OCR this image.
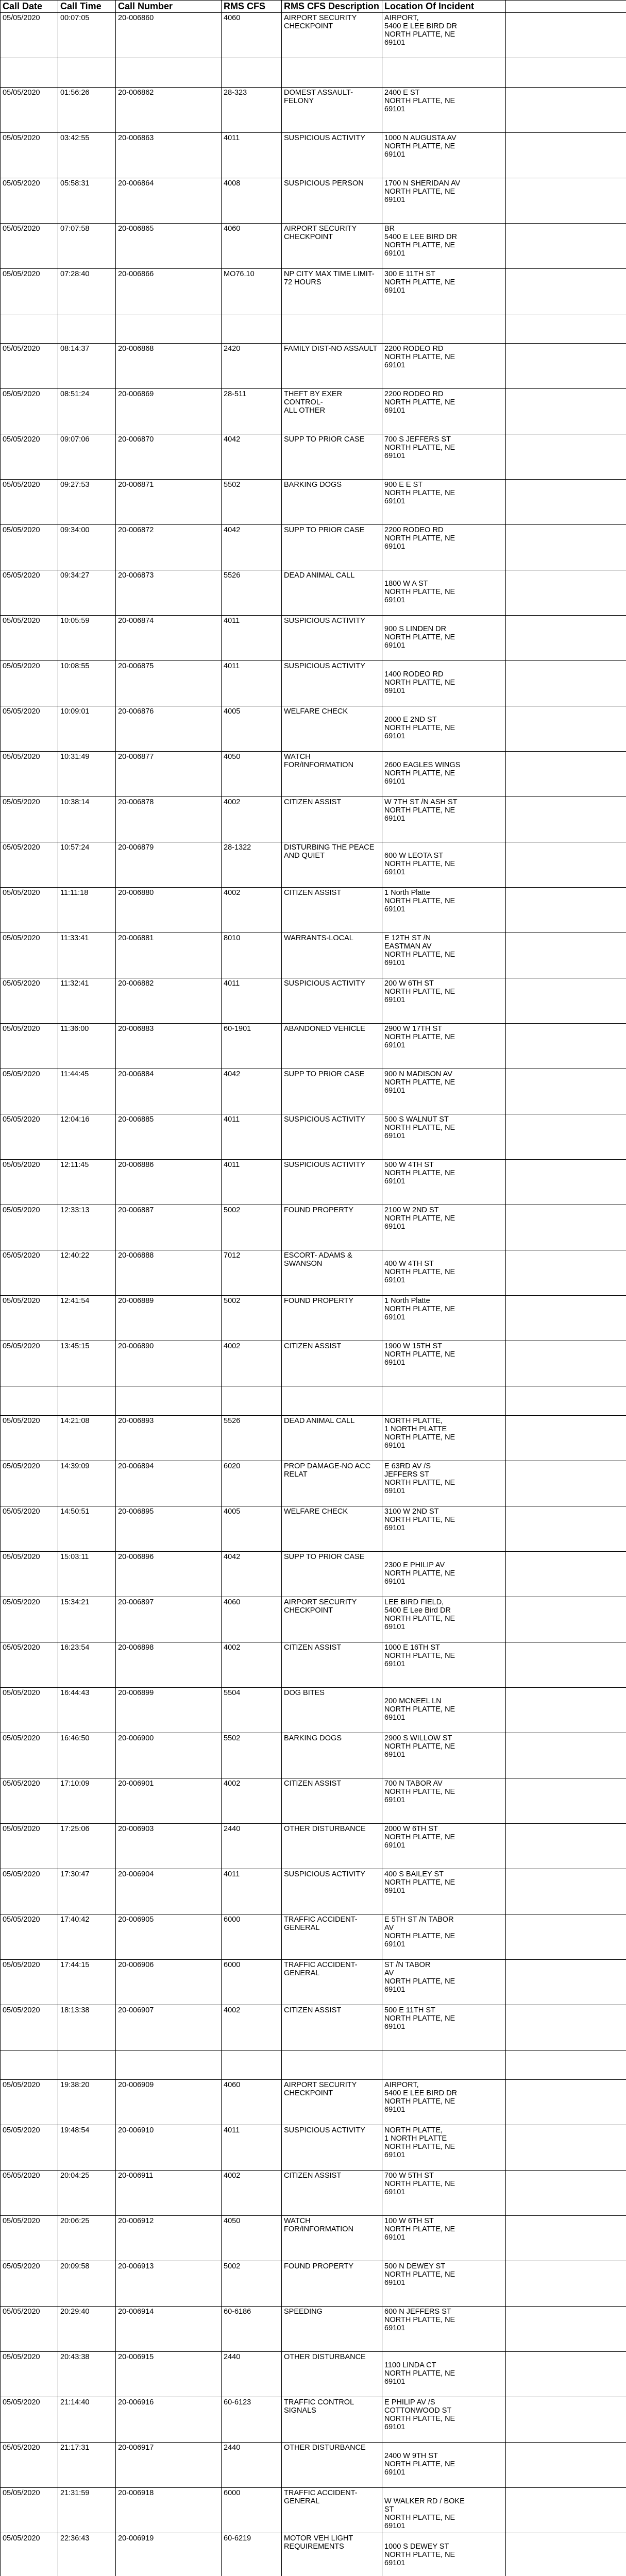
Call Date	Call Time	Call Number	RMS CFS	RMS CFS Description	Location Of Incident	
05/05/2020	00:07:05	20-006860	4060	AIRPORT SECURITY
CHECKPOINT	AIRPORT,
5400 E LEE BIRD DR
NORTH PLATTE, NE
69101	

05/05/2020	01:56:26	20-006862	28-323	DOMEST ASSAULT-FELONY	2400 E ST
NORTH PLATTE, NE
69101	
05/05/2020	03:42:55	20-006863	4011	SUSPICIOUS ACTIVITY	1000 N AUGUSTA AV
NORTH PLATTE, NE
69101	
05/05/2020	05:58:31	20-006864	4008	SUSPICIOUS PERSON	1700 N SHERIDAN AV
NORTH PLATTE, NE
69101	
05/05/2020	07:07:58	20-006865	4060	AIRPORT SECURITY
CHECKPOINT	BR
5400 E LEE BIRD DR
NORTH PLATTE, NE
69101	
05/05/2020	07:28:40	20-006866	MO76.10	NP CITY MAX TIME LIMIT-
72 HOURS	300 E 11TH ST
NORTH PLATTE, NE
69101	

05/05/2020	08:14:37	20-006868	2420	FAMILY DIST-NO ASSAULT	2200 RODEO RD
NORTH PLATTE, NE
69101	
05/05/2020	08:51:24	20-006869	28-511	THEFT BY EXER CONTROL-
ALL OTHER	2200 RODEO RD
NORTH PLATTE, NE
69101	
05/05/2020	09:07:06	20-006870	4042	SUPP TO PRIOR CASE	700 S JEFFERS ST
NORTH PLATTE, NE
69101	
05/05/2020	09:27:53	20-006871	5502	BARKING DOGS	900 E E ST
NORTH PLATTE, NE
69101	
05/05/2020	09:34:00	20-006872	4042	SUPP TO PRIOR CASE	2200 RODEO RD
NORTH PLATTE, NE
69101	
05/05/2020	09:34:27	20-006873	5526	DEAD ANIMAL CALL	
1800 W A ST
NORTH PLATTE, NE
69101	
05/05/2020	10:05:59	20-006874	4011	SUSPICIOUS ACTIVITY	
900 S LINDEN DR
NORTH PLATTE, NE
69101	
05/05/2020	10:08:55	20-006875	4011	SUSPICIOUS ACTIVITY	
1400 RODEO RD
NORTH PLATTE, NE
69101	
05/05/2020	10:09:01	20-006876	4005	WELFARE CHECK	
2000 E 2ND ST
NORTH PLATTE, NE
69101	
05/05/2020	10:31:49	20-006877	4050	WATCH
FOR/INFORMATION	
2600 EAGLES WINGS
NORTH PLATTE, NE
69101	
05/05/2020	10:38:14	20-006878	4002	CITIZEN ASSIST	W 7TH ST /N ASH ST
NORTH PLATTE, NE
69101	
05/05/2020	10:57:24	20-006879	28-1322	DISTURBING THE PEACE
AND QUIET	
600 W LEOTA ST
NORTH PLATTE, NE
69101	
05/05/2020	11:11:18	20-006880	4002	CITIZEN ASSIST	1 North Platte
NORTH PLATTE, NE
69101	
05/05/2020	11:33:41	20-006881	8010	WARRANTS-LOCAL	E 12TH ST /N
EASTMAN AV
NORTH PLATTE, NE
69101	
05/05/2020	11:32:41	20-006882	4011	SUSPICIOUS ACTIVITY	200 W 6TH ST
NORTH PLATTE, NE
69101	
05/05/2020	11:36:00	20-006883	60-1901	ABANDONED VEHICLE	2900 W 17TH ST
NORTH PLATTE, NE
69101	
05/05/2020	11:44:45	20-006884	4042	SUPP TO PRIOR CASE	900 N MADISON AV
NORTH PLATTE, NE
69101	
05/05/2020	12:04:16	20-006885	4011	SUSPICIOUS ACTIVITY	500 S WALNUT ST
NORTH PLATTE, NE
69101	
05/05/2020	12:11:45	20-006886	4011	SUSPICIOUS ACTIVITY	500 W 4TH ST
NORTH PLATTE, NE
69101	
05/05/2020	12:33:13	20-006887	5002	FOUND PROPERTY	2100 W 2ND ST
NORTH PLATTE, NE
69101	
05/05/2020	12:40:22	20-006888	7012	ESCORT- ADAMS &
SWANSON	
400 W 4TH ST
NORTH PLATTE, NE
69101	
05/05/2020	12:41:54	20-006889	5002	FOUND PROPERTY	1 North Platte
NORTH PLATTE, NE
69101	
05/05/2020	13:45:15	20-006890	4002	CITIZEN ASSIST	1900 W 15TH ST
NORTH PLATTE, NE
69101	

05/05/2020	14:21:08	20-006893	5526	DEAD ANIMAL CALL	NORTH PLATTE,
1 NORTH PLATTE
NORTH PLATTE, NE
69101	
05/05/2020	14:39:09	20-006894	6020	PROP DAMAGE-NO ACC
RELAT	E 63RD AV /S
JEFFERS ST
NORTH PLATTE, NE
69101	
05/05/2020	14:50:51	20-006895	4005	WELFARE CHECK	3100 W 2ND ST
NORTH PLATTE, NE
69101	
05/05/2020	15:03:11	20-006896	4042	SUPP TO PRIOR CASE	
2300 E PHILIP AV
NORTH PLATTE, NE
69101	
05/05/2020	15:34:21	20-006897	4060	AIRPORT SECURITY
CHECKPOINT	LEE BIRD FIELD,
5400 E Lee Bird DR
NORTH PLATTE, NE
69101	
05/05/2020	16:23:54	20-006898	4002	CITIZEN ASSIST	1000 E 16TH ST
NORTH PLATTE, NE
69101	
05/05/2020	16:44:43	20-006899	5504	DOG BITES	
200 MCNEEL LN
NORTH PLATTE, NE
69101	
05/05/2020	16:46:50	20-006900	5502	BARKING DOGS	2900 S WILLOW ST
NORTH PLATTE, NE
69101	
05/05/2020	17:10:09	20-006901	4002	CITIZEN ASSIST	700 N TABOR AV
NORTH PLATTE, NE
69101	
05/05/2020	17:25:06	20-006903	2440	OTHER DISTURBANCE	2000 W 6TH ST
NORTH PLATTE, NE
69101	
05/05/2020	17:30:47	20-006904	4011	SUSPICIOUS ACTIVITY	400 S BAILEY ST
NORTH PLATTE, NE
69101	
05/05/2020	17:40:42	20-006905	6000	TRAFFIC ACCIDENT-
GENERAL	E 5TH ST /N TABOR
AV
NORTH PLATTE, NE
69101	
05/05/2020	17:44:15	20-006906	6000	TRAFFIC ACCIDENT-
GENERAL	ST /N TABOR
AV
NORTH PLATTE, NE
69101	
05/05/2020	18:13:38	20-006907	4002	CITIZEN ASSIST	500 E 11TH ST
NORTH PLATTE, NE
69101	

05/05/2020	19:38:20	20-006909	4060	AIRPORT SECURITY
CHECKPOINT	AIRPORT,
5400 E LEE BIRD DR
NORTH PLATTE, NE
69101	
05/05/2020	19:48:54	20-006910	4011	SUSPICIOUS ACTIVITY	NORTH PLATTE,
1 NORTH PLATTE
NORTH PLATTE, NE
69101	
05/05/2020	20:04:25	20-006911	4002	CITIZEN ASSIST	700 W 5TH ST
NORTH PLATTE, NE
69101	
05/05/2020	20:06:25	20-006912	4050	WATCH
FOR/INFORMATION	100 W 6TH ST
NORTH PLATTE, NE
69101	
05/05/2020	20:09:58	20-006913	5002	FOUND PROPERTY	500 N DEWEY ST
NORTH PLATTE, NE
69101	
05/05/2020	20:29:40	20-006914	60-6186	SPEEDING	600 N JEFFERS ST
NORTH PLATTE, NE
69101	
05/05/2020	20:43:38	20-006915	2440	OTHER DISTURBANCE	
1100 LINDA CT
NORTH PLATTE, NE
69101	
05/05/2020	21:14:40	20-006916	60-6123	TRAFFIC CONTROL
SIGNALS	E PHILIP AV /S
COTTONWOOD ST
NORTH PLATTE, NE
69101	
05/05/2020	21:17:31	20-006917	2440	OTHER DISTURBANCE	
2400 W 9TH ST
NORTH PLATTE, NE
69101	
05/05/2020	21:31:59	20-006918	6000	TRAFFIC ACCIDENT-
GENERAL	
W WALKER RD / BOKE
ST
NORTH PLATTE, NE
69101	
05/05/2020	22:36:43	20-006919	60-6219	MOTOR VEH LIGHT
REQUIREMENTS	
1000 S DEWEY ST
NORTH PLATTE, NE
69101	
